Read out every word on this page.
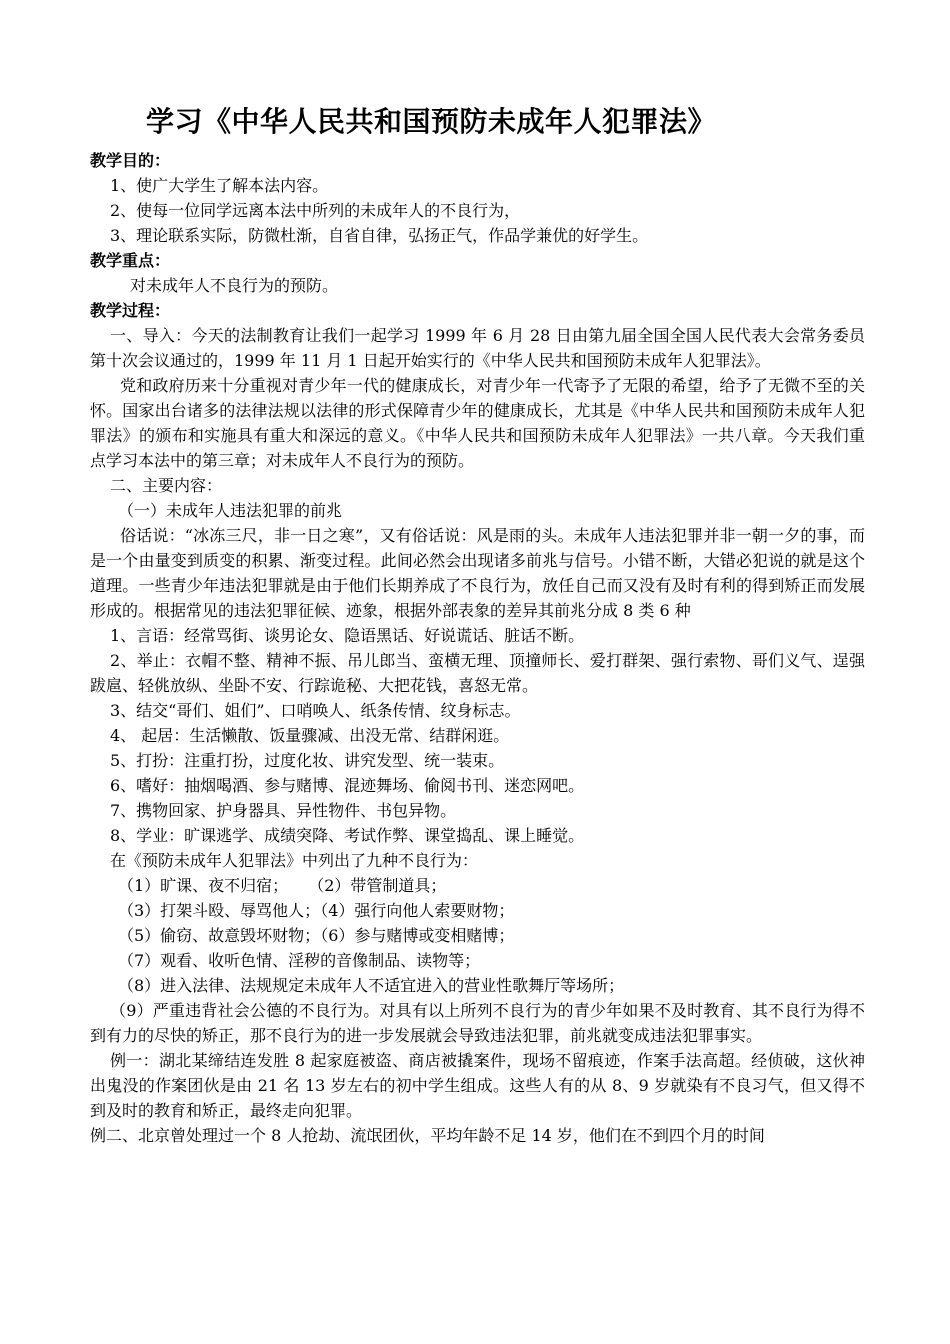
学习《中华人民共和国预防未成年人犯罪法》
教学目的：
1、使广大学生了解本法内容。
2、使每一位同学远离本法中所列的未成年人的不良行为，
3、理论联系实际，防微杜渐，自省自律，弘扬正气，作品学兼优的好学生。
教学重点：
对未成年人不良行为的预防。
教学过程：
一、导入：今天的法制教育让我们一起学习 1999 年 6 月 28 日由第九届全国全国人民代表大会常务委员第十次会议通过的，1999 年 11 月 1 日起开始实行的《中华人民共和国预防未成年人犯罪法》。
党和政府历来十分重视对青少年一代的健康成长，对青少年一代寄予了无限的希望，给予了无微不至的关怀。国家出台诸多的法律法规以法律的形式保障青少年的健康成长，尤其是《中华人民共和国预防未成年人犯罪法》的颁布和实施具有重大和深远的意义。《中华人民共和国预防未成年人犯罪法》一共八章。今天我们重点学习本法中的第三章；对未成年人不良行为的预防。
二、主要内容：
（一）未成年人违法犯罪的前兆
俗话说：“冰冻三尺，非一日之寒”，又有俗话说：风是雨的头。未成年人违法犯罪并非一朝一夕的事，而是一个由量变到质变的积累、渐变过程。此间必然会出现诸多前兆与信号。小错不断，大错必犯说的就是这个道理。一些青少年违法犯罪就是由于他们长期养成了不良行为，放任自己而又没有及时有利的得到矫正而发展形成的。根据常见的违法犯罪征候、迹象，根据外部表象的差异其前兆分成 8 类 6 种
1、言语：经常骂街、谈男论女、隐语黑话、好说谎话、脏话不断。
2、举止：衣帽不整、精神不振、吊儿郎当、蛮横无理、顶撞师长、爱打群架、强行索物、哥们义气、逞强跋扈、轻佻放纵、坐卧不安、行踪诡秘、大把花钱，喜怒无常。
3、结交“哥们、姐们”、口哨唤人、纸条传情、纹身标志。
4、 起居：生活懒散、饭量骤减、出没无常、结群闲逛。
5、打扮：注重打扮，过度化妆、讲究发型、统一装束。
6、嗜好：抽烟喝酒、参与赌博、混迹舞场、偷阅书刊、迷恋网吧。
7、携物回家、护身器具、异性物件、书包异物。
8、学业：旷课逃学、成绩突降、考试作弊、课堂捣乱、课上睡觉。
在《预防未成年人犯罪法》中列出了九种不良行为：
（1）旷课、夜不归宿； （2）带管制道具；
（3）打架斗殴、辱骂他人；（4）强行向他人索要财物；
（5）偷窃、故意毁坏财物；（6）参与赌博或变相赌博；
（7）观看、收听色情、淫秽的音像制品、读物等；
（8）进入法律、法规规定未成年人不适宜进入的营业性歌舞厅等场所；
（9）严重违背社会公德的不良行为。对具有以上所列不良行为的青少年如果不及时教育、其不良行为得不到有力的尽快的矫正，那不良行为的进一步发展就会导致违法犯罪，前兆就变成违法犯罪事实。
例一：湖北某缔结连发胜 8 起家庭被盗、商店被撬案件，现场不留痕迹，作案手法高超。经侦破，这伙神出鬼没的作案团伙是由 21 名 13 岁左右的初中学生组成。这些人有的从 8、9 岁就染有不良习气，但又得不到及时的教育和矫正，最终走向犯罪。
例二、北京曾处理过一个 8 人抢劫、流氓团伙，平均年龄不足 14 岁，他们在不到四个月的时间
